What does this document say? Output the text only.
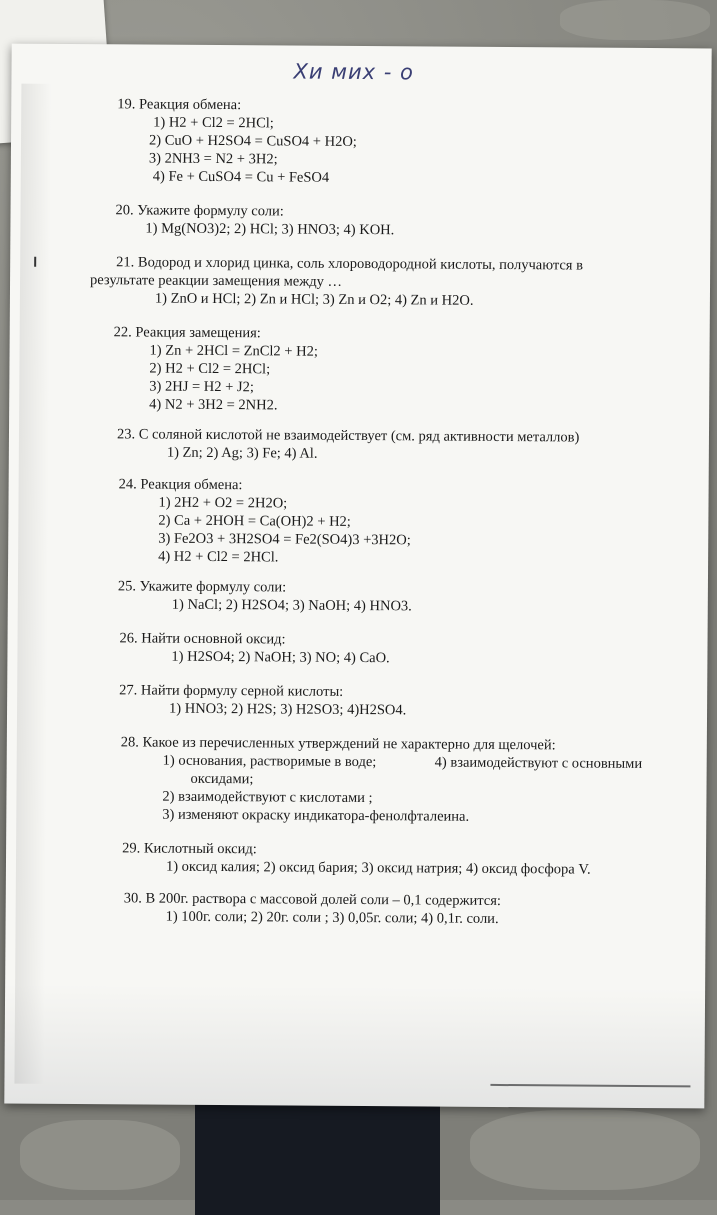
Хи мих - о
19. Реакция обмена:
1) H2 + Cl2 = 2HCl;
2) CuO + H2SO4 = CuSO4 + H2O;
3) 2NH3 = N2 + 3H2;
4) Fe + CuSO4 = Cu + FeSO4
20. Укажите формулу соли:
1) Mg(NO3)2; 2) HCl; 3) HNO3; 4) KOH.
21. Водород и хлорид цинка, соль хлороводородной кислоты, получаются в
результате реакции замещения между …
1) ZnO и HCl; 2) Zn и HCl; 3) Zn и O2; 4) Zn и H2O.
22. Реакция замещения:
1) Zn + 2HCl = ZnCl2 + H2;
2) H2 + Cl2 = 2HCl;
3) 2HJ = H2 + J2;
4) N2 + 3H2 = 2NH2.
23. С соляной кислотой не взаимодействует (см. ряд активности металлов)
1) Zn; 2) Ag; 3) Fe; 4) Al.
24. Реакция обмена:
1) 2H2 + O2 = 2H2O;
2) Ca + 2HOH = Ca(OH)2 + H2;
3) Fe2O3 + 3H2SO4 = Fe2(SO4)3 +3H2O;
4) H2 + Cl2 = 2HCl.
25. Укажите формулу соли:
1) NaCl; 2) H2SO4; 3) NaOH; 4) HNO3.
26. Найти основной оксид:
1) H2SO4; 2) NaOH; 3) NO; 4) CaO.
27. Найти формулу серной кислоты:
1) HNO3; 2) H2S; 3) H2SO3; 4)H2SO4.
28. Какое из перечисленных утверждений не характерно для щелочей:
1) основания, растворимые в воде;	4) взаимодействуют с основными
оксидами;
2) взаимодействуют с кислотами ;
3) изменяют окраску индикатора-фенолфталеина.
29. Кислотный оксид:
1) оксид калия; 2) оксид бария; 3) оксид натрия; 4) оксид фосфора V.
30. В 200г. раствора с массовой долей соли – 0,1 содержится:
1) 100г. соли; 2) 20г. соли ; 3) 0,05г. соли; 4) 0,1г. соли.
